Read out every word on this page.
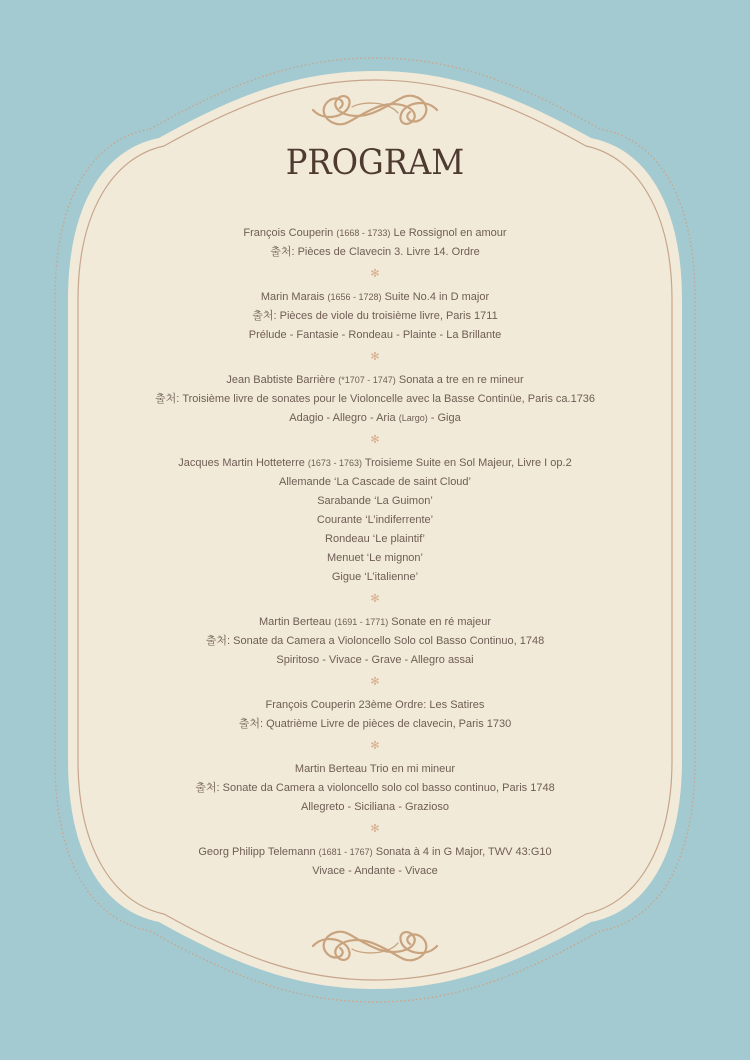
PROGRAM
François Couperin (1668 - 1733) Le Rossignol en amour
출처: Pièces de Clavecin 3. Livre 14. Ordre
✻
Marin Marais (1656 - 1728) Suite No.4 in D major
출처: Pièces de viole du troisième livre, Paris 1711
Prélude - Fantasie - Rondeau - Plainte - La Brillante
✻
Jean Babtiste Barrière (*1707 - 1747) Sonata a tre en re mineur
출처: Troisième livre de sonates pour le Violoncelle avec la Basse Continüe, Paris ca.1736
Adagio - Allegro - Aria (Largo) - Giga
✻
Jacques Martin Hotteterre (1673 - 1763) Troisieme Suite en Sol Majeur, Livre I op.2
Allemande ‘La Cascade de saint Cloud’
Sarabande ‘La Guimon’
Courante ‘L’indiferrente’
Rondeau ‘Le plaintif’
Menuet ‘Le mignon’
Gigue ‘L’italienne’
✻
Martin Berteau (1691 - 1771) Sonate en ré majeur
출처: Sonate da Camera a Violoncello Solo col Basso Continuo, 1748
Spiritoso - Vivace - Grave - Allegro assai
✻
François Couperin 23ème Ordre: Les Satires
출처: Quatrième Livre de pièces de clavecin, Paris 1730
✻
Martin Berteau Trio en mi mineur
출처: Sonate da Camera a violoncello solo col basso continuo, Paris 1748
Allegreto - Siciliana - Grazioso
✻
Georg Philipp Telemann (1681 - 1767) Sonata à 4 in G Major, TWV 43:G10
Vivace - Andante - Vivace
